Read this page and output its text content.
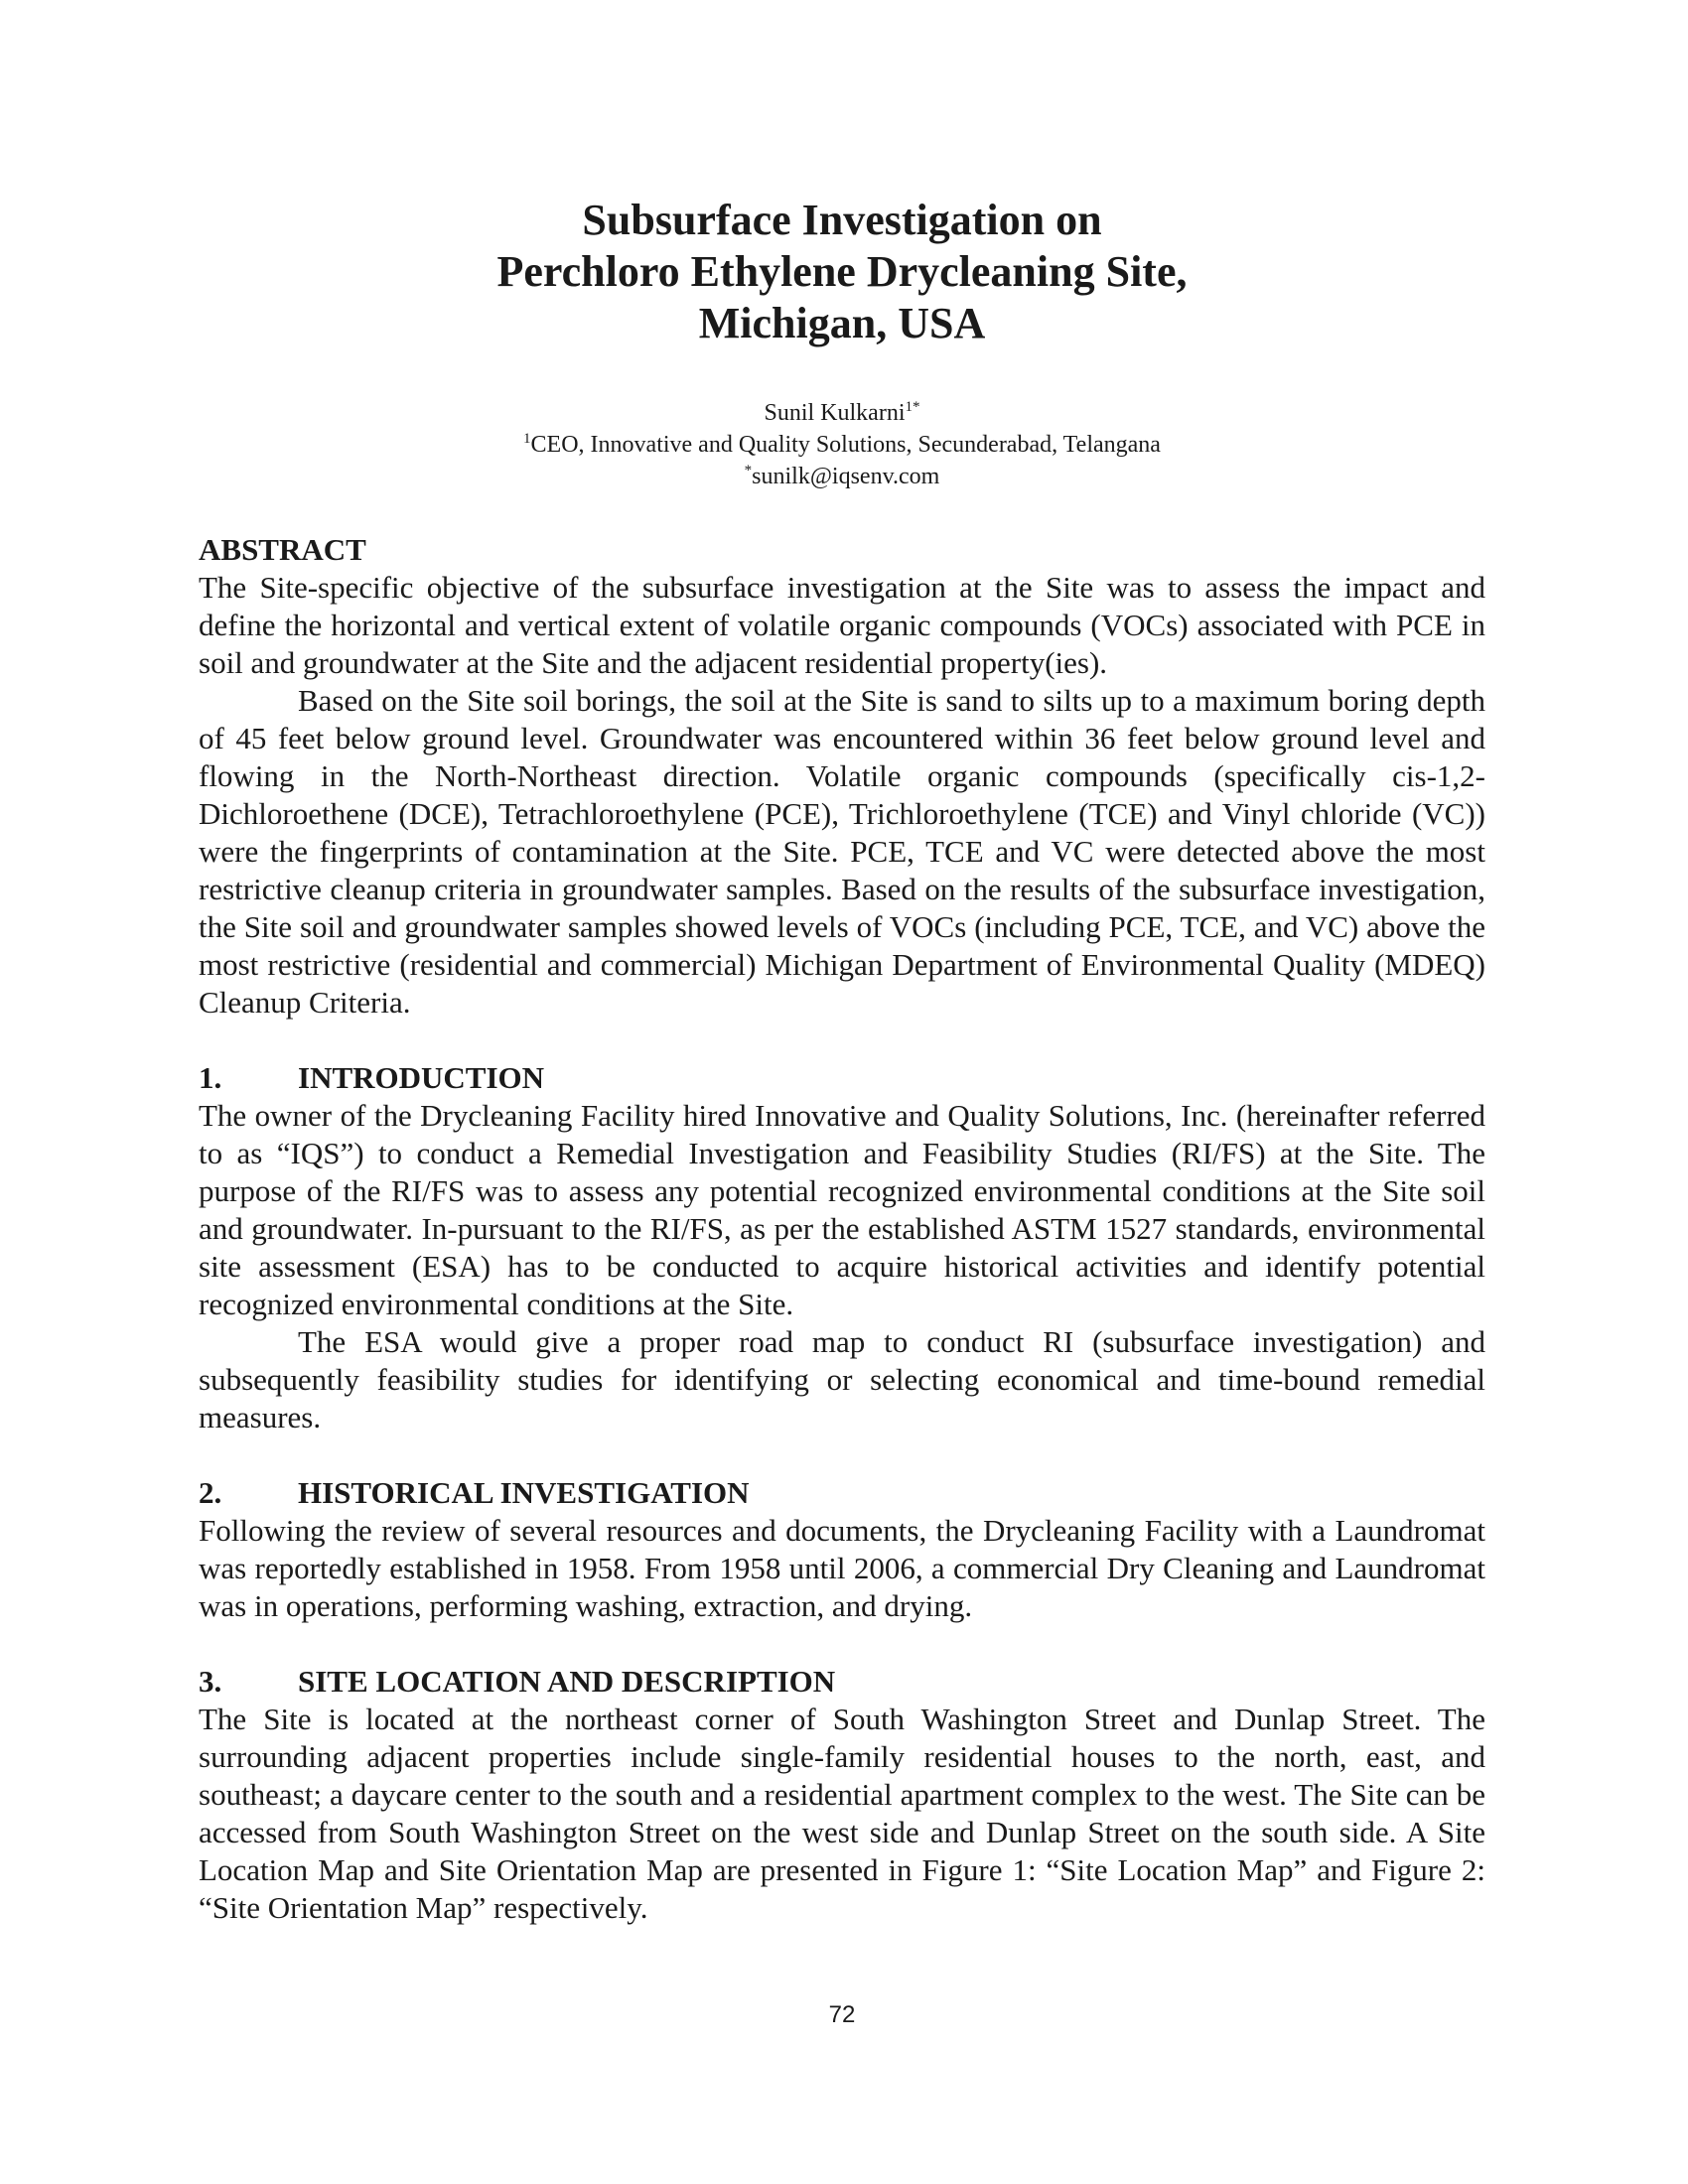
Subsurface Investigation on
Perchloro Ethylene Drycleaning Site,
Michigan, USA
Sunil Kulkarni$^{1*}$
$^1$CEO, Innovative and Quality Solutions, Secunderabad, Telangana
*sunilk@iqsenv.com
ABSTRACT

The Site-specific objective of the subsurface investigation at the Site was to assess the impact and define the horizontal and vertical extent of volatile organic compounds (VOCs) associated with PCE in soil and groundwater at the Site and the adjacent residential property(ies).

Based on the Site soil borings, the soil at the Site is sand to silts up to a maximum boring depth of 45 feet below ground level. Groundwater was encountered within 36 feet below ground level and flowing in the North-Northeast direction. Volatile organic compounds (specifically cis-1,2-Dichloroethene (DCE), Tetrachloroethylene (PCE), Trichloroethylene (TCE) and Vinyl chloride (VC)) were the fingerprints of contamination at the Site. PCE, TCE and VC were detected above the most restrictive cleanup criteria in groundwater samples. Based on the results of the subsurface investigation, the Site soil and groundwater samples showed levels of VOCs (including PCE, TCE, and VC) above the most restrictive (residential and commercial) Michigan Department of Environmental Quality (MDEQ) Cleanup Criteria.

1. INTRODUCTION

The owner of the Drycleaning Facility hired Innovative and Quality Solutions, Inc. (hereinafter referred to as “IQS”) to conduct a Remedial Investigation and Feasibility Studies (RI/FS) at the Site. The purpose of the RI/FS was to assess any potential recognized environmental conditions at the Site soil and groundwater. In-pursuant to the RI/FS, as per the established ASTM 1527 standards, environmental site assessment (ESA) has to be conducted to acquire historical activities and identify potential recognized environmental conditions at the Site.

The ESA would give a proper road map to conduct RI (subsurface investigation) and subsequently feasibility studies for identifying or selecting economical and time-bound remedial measures.

2. HISTORICAL INVESTIGATION

Following the review of several resources and documents, the Drycleaning Facility with a Laundromat was reportedly established in 1958. From 1958 until 2006, a commercial Dry Cleaning and Laundromat was in operations, performing washing, extraction, and drying.

3. SITE LOCATION AND DESCRIPTION

The Site is located at the northeast corner of South Washington Street and Dunlap Street. The surrounding adjacent properties include single-family residential houses to the north, east, and southeast; a daycare center to the south and a residential apartment complex to the west. The Site can be accessed from South Washington Street on the west side and Dunlap Street on the south side. A Site Location Map and Site Orientation Map are presented in Figure 1: “Site Location Map” and Figure 2: “Site Orientation Map” respectively.

72
